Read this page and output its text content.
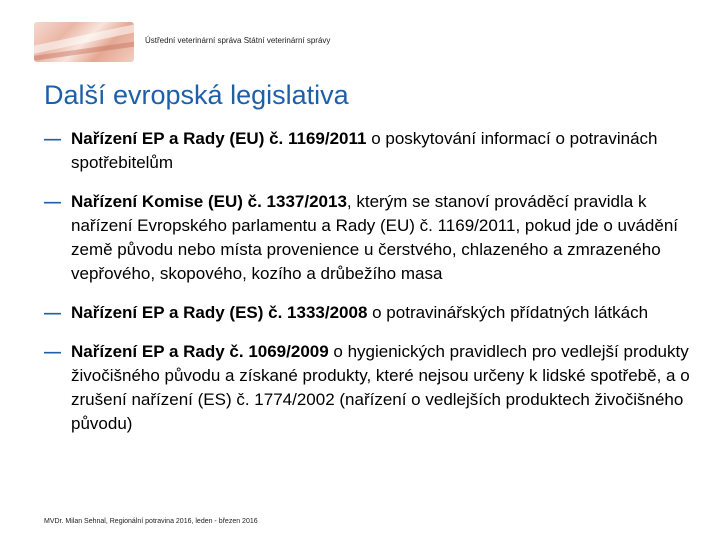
Ústřední veterinární správa Státní veterinární správy
Další evropská legislativa
— Nařízení EP a Rady (EU) č. 1169/2011 o poskytování informací o potravinách spotřebitelům
— Nařízení Komise (EU) č. 1337/2013, kterým se stanoví prováděcí pravidla k nařízení Evropského parlamentu a Rady (EU) č. 1169/2011, pokud jde o uvádění země původu nebo místa provenience u čerstvého, chlazeného a zmrazeného vepřového, skopového, kozího a drůbežího masa
— Nařízení EP a Rady (ES) č. 1333/2008 o potravinářských přídatných látkách
— Nařízení EP a Rady č. 1069/2009 o hygienických pravidlech pro vedlejší produkty živočišného původu a získané produkty, které nejsou určeny k lidské spotřebě, a o zrušení nařízení (ES) č. 1774/2002 (nařízení o vedlejších produktech živočišného původu)
MVDr. Milan Sehnal, Regionální potravina 2016, leden - březen 2016
